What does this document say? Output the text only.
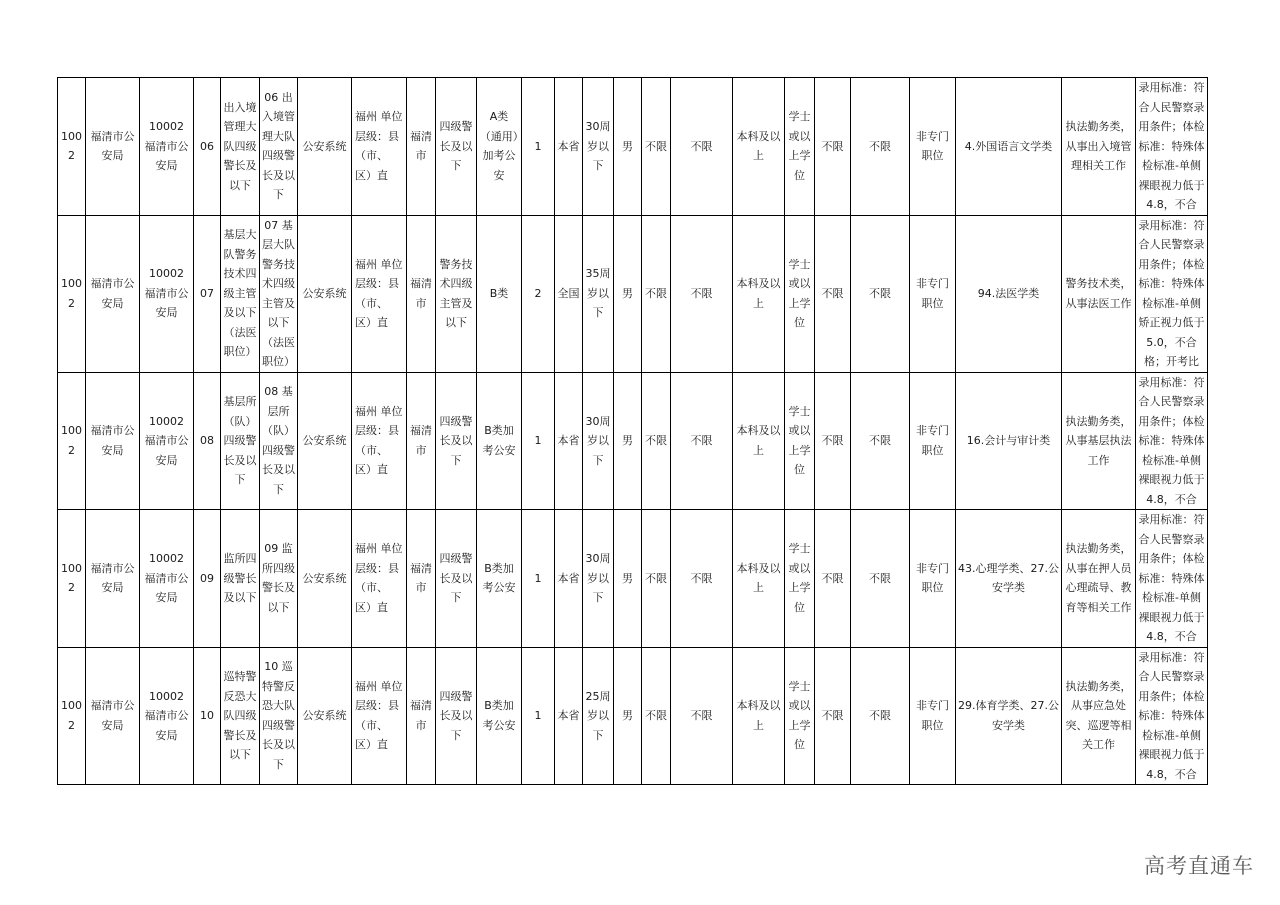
1002	福清市公安局	10002 福清市公安局	06	出入境管理大队四级警长及以下	06 出入境管理大队四级警长及以下	公安系统	福州 单位层级：县（市、区）直	福清市	四级警长及以下	A类（通用）加考公安	1	本省	30周岁以下	男	不限	不限	本科及以上	学士或以上学位	不限	不限	非专门职位	4.外国语言文学类	执法勤务类，从事出入境管理相关工作	录用标准：符合人民警察录用条件；体检标准：特殊体检标准-单侧裸眼视力低于4.8，不合
1002	福清市公安局	10002 福清市公安局	07	基层大队警务技术四级主管及以下（法医职位）	07 基层大队警务技术四级主管及以下（法医职位）	公安系统	福州 单位层级：县（市、区）直	福清市	警务技术四级主管及以下	B类	2	全国	35周岁以下	男	不限	不限	本科及以上	学士或以上学位	不限	不限	非专门职位	94.法医学类	警务技术类，从事法医工作	录用标准：符合人民警察录用条件；体检标准：特殊体检标准-单侧矫正视力低于5.0，不合格；开考比
1002	福清市公安局	10002 福清市公安局	08	基层所（队）四级警长及以下	08 基层所（队）四级警长及以下	公安系统	福州 单位层级：县（市、区）直	福清市	四级警长及以下	B类加考公安	1	本省	30周岁以下	男	不限	不限	本科及以上	学士或以上学位	不限	不限	非专门职位	16.会计与审计类	执法勤务类，从事基层执法工作	录用标准：符合人民警察录用条件；体检标准：特殊体检标准-单侧裸眼视力低于4.8，不合
1002	福清市公安局	10002 福清市公安局	09	监所四级警长及以下	09 监所四级警长及以下	公安系统	福州 单位层级：县（市、区）直	福清市	四级警长及以下	B类加考公安	1	本省	30周岁以下	男	不限	不限	本科及以上	学士或以上学位	不限	不限	非专门职位	43.心理学类、27.公安学类	执法勤务类，从事在押人员心理疏导、教育等相关工作	录用标准：符合人民警察录用条件；体检标准：特殊体检标准-单侧裸眼视力低于4.8，不合
1002	福清市公安局	10002 福清市公安局	10	巡特警反恐大队四级警长及以下	10 巡特警反恐大队四级警长及以下	公安系统	福州 单位层级：县（市、区）直	福清市	四级警长及以下	B类加考公安	1	本省	25周岁以下	男	不限	不限	本科及以上	学士或以上学位	不限	不限	非专门职位	29.体育学类、27.公安学类	执法勤务类，从事应急处突、巡逻等相关工作	录用标准：符合人民警察录用条件；体检标准：特殊体检标准-单侧裸眼视力低于4.8，不合
高考直通车
